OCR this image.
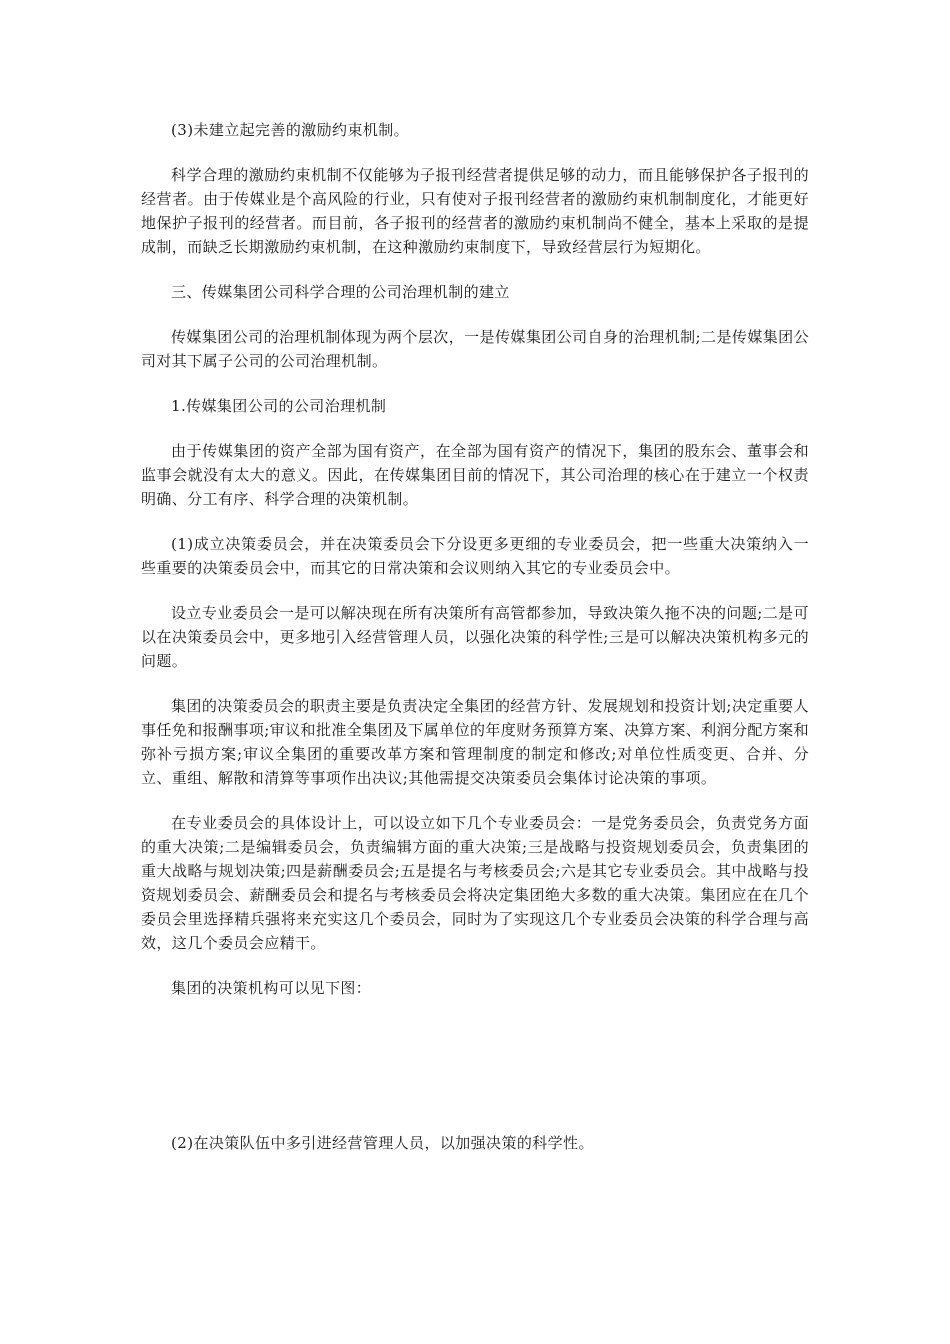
(3)未建立起完善的激励约束机制。

科学合理的激励约束机制不仅能够为子报刊经营者提供足够的动力，而且能够保护各子报刊的经营者。由于传媒业是个高风险的行业，只有使对子报刊经营者的激励约束机制制度化，才能更好地保护子报刊的经营者。而目前，各子报刊的经营者的激励约束机制尚不健全，基本上采取的是提成制，而缺乏长期激励约束机制，在这种激励约束制度下，导致经营层行为短期化。

三、传媒集团公司科学合理的公司治理机制的建立

传媒集团公司的治理机制体现为两个层次，一是传媒集团公司自身的治理机制;二是传媒集团公司对其下属子公司的公司治理机制。

1.传媒集团公司的公司治理机制

由于传媒集团的资产全部为国有资产，在全部为国有资产的情况下，集团的股东会、董事会和监事会就没有太大的意义。因此，在传媒集团目前的情况下，其公司治理的核心在于建立一个权责明确、分工有序、科学合理的决策机制。

(1)成立决策委员会，并在决策委员会下分设更多更细的专业委员会，把一些重大决策纳入一些重要的决策委员会中，而其它的日常决策和会议则纳入其它的专业委员会中。

设立专业委员会一是可以解决现在所有决策所有高管都参加，导致决策久拖不决的问题;二是可以在决策委员会中，更多地引入经营管理人员，以强化决策的科学性;三是可以解决决策机构多元的问题。

集团的决策委员会的职责主要是负责决定全集团的经营方针、发展规划和投资计划;决定重要人事任免和报酬事项;审议和批准全集团及下属单位的年度财务预算方案、决算方案、利润分配方案和弥补亏损方案;审议全集团的重要改革方案和管理制度的制定和修改;对单位性质变更、合并、分立、重组、解散和清算等事项作出决议;其他需提交决策委员会集体讨论决策的事项。

在专业委员会的具体设计上，可以设立如下几个专业委员会：一是党务委员会，负责党务方面的重大决策;二是编辑委员会，负责编辑方面的重大决策;三是战略与投资规划委员会，负责集团的重大战略与规划决策;四是薪酬委员会;五是提名与考核委员会;六是其它专业委员会。其中战略与投资规划委员会、薪酬委员会和提名与考核委员会将决定集团绝大多数的重大决策。集团应在在几个委员会里选择精兵强将来充实这几个委员会，同时为了实现这几个专业委员会决策的科学合理与高效，这几个委员会应精干。

集团的决策机构可以见下图：

(2)在决策队伍中多引进经营管理人员，以加强决策的科学性。
